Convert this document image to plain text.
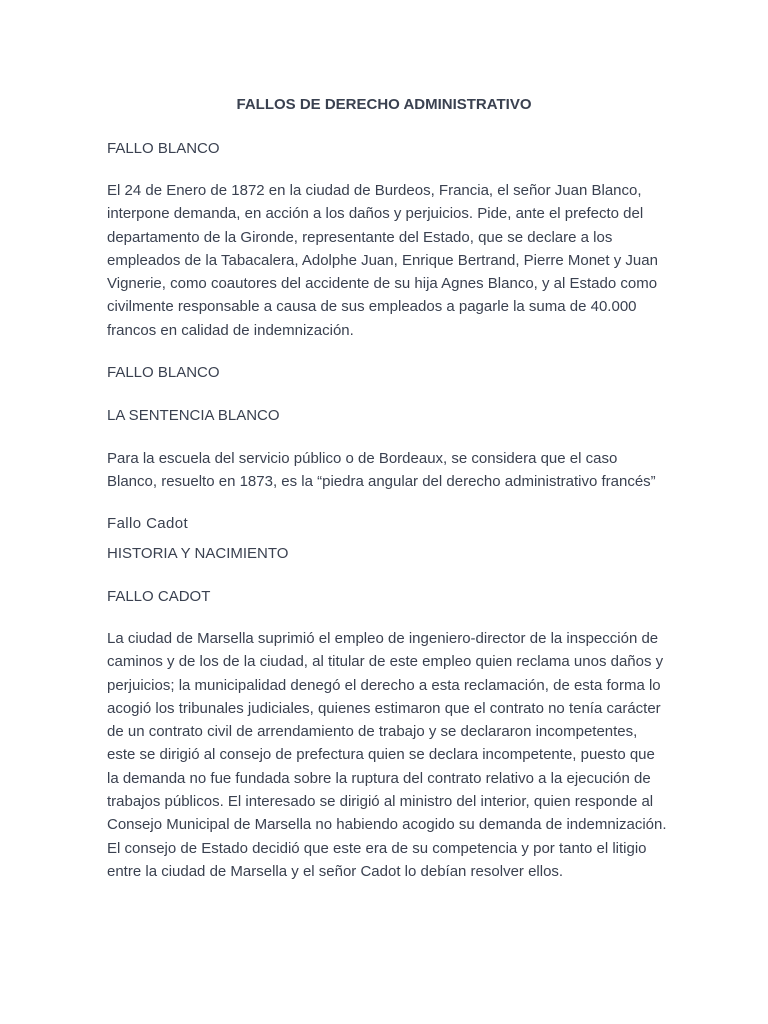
FALLOS DE DERECHO ADMINISTRATIVO

FALLO BLANCO

El 24 de Enero de 1872 en la ciudad de Burdeos, Francia, el señor Juan Blanco, interpone demanda, en acción a los daños y perjuicios. Pide, ante el prefecto del departamento de la Gironde, representante del Estado, que se declare a los empleados de la Tabacalera, Adolphe Juan, Enrique Bertrand, Pierre Monet y Juan Vignerie, como coautores del accidente de su hija Agnes Blanco, y al Estado como civilmente responsable a causa de sus empleados a pagarle la suma de 40.000 francos en calidad de indemnización.

FALLO BLANCO

LA SENTENCIA BLANCO

Para la escuela del servicio público o de Bordeaux, se considera que el caso Blanco, resuelto en 1873, es la “piedra angular del derecho administrativo francés”

Fallo Cadot

HISTORIA Y NACIMIENTO

FALLO CADOT

La ciudad de Marsella suprimió el empleo de ingeniero-director de la inspección de caminos y de los de la ciudad, al titular de este empleo quien reclama unos daños y perjuicios; la municipalidad denegó el derecho a esta reclamación, de esta forma lo acogió los tribunales judiciales, quienes estimaron que el contrato no tenía carácter de un contrato civil de arrendamiento de trabajo y se declararon incompetentes, este se dirigió al consejo de prefectura quien se declara incompetente, puesto que la demanda no fue fundada sobre la ruptura del contrato relativo a la ejecución de trabajos públicos. El interesado se dirigió al ministro del interior, quien responde al Consejo Municipal de Marsella no habiendo acogido su demanda de indemnización. El consejo de Estado decidió que este era de su competencia y por tanto el litigio entre la ciudad de Marsella y el señor Cadot lo debían resolver ellos.
